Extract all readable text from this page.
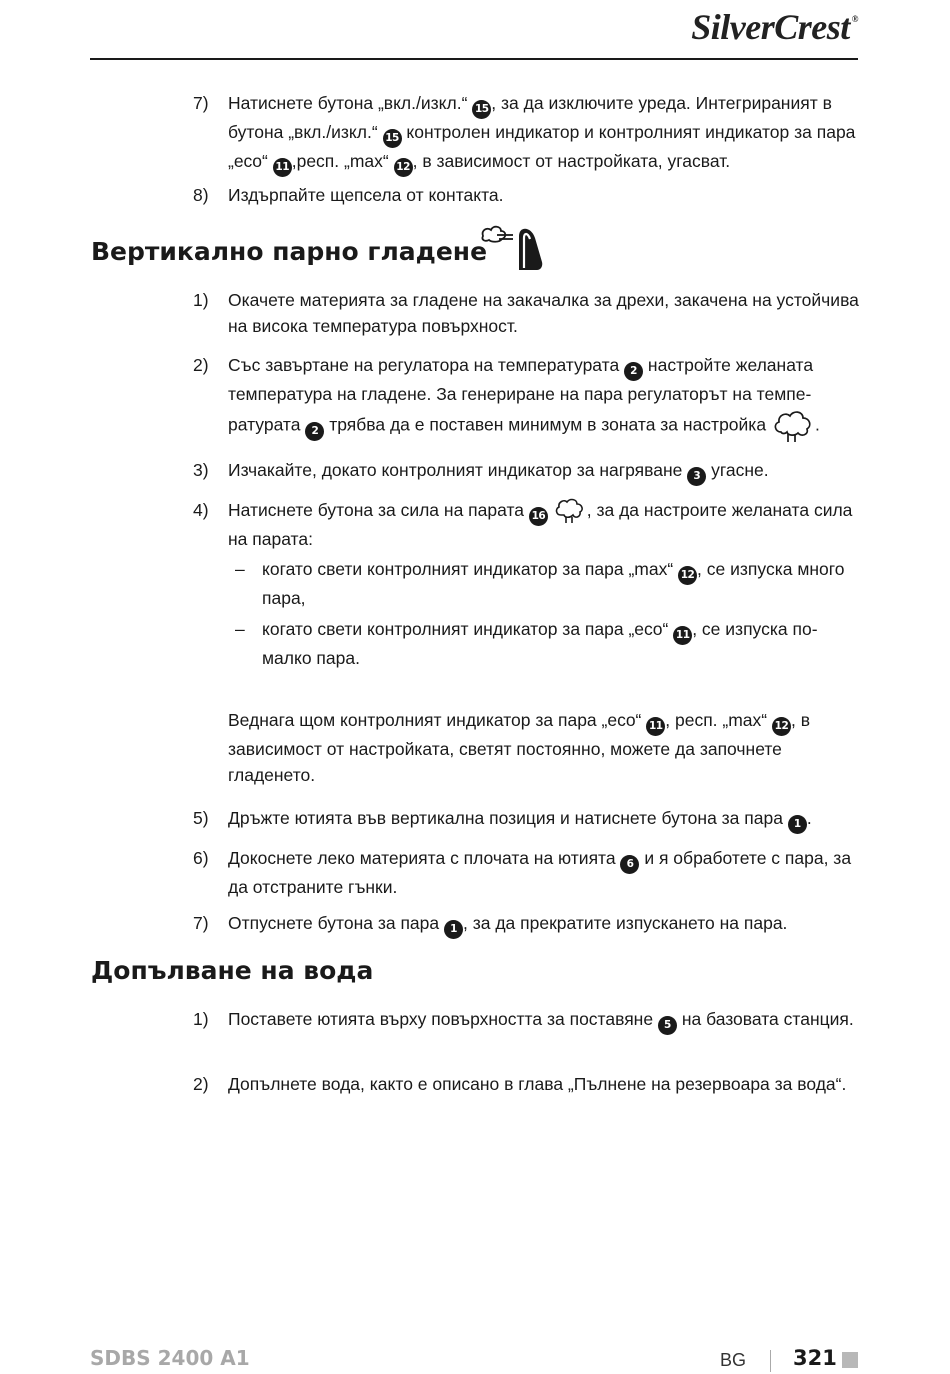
SilverCrest ®
7)	Натиснете бутона „вкл./изкл.“ 15 , за да изключите уреда. Интегрираният в бутона „вкл./изкл.“ 15 контролен индикатор и контролният индикатор за пара „eco“ 11 ,респ. „max“ 12 , в зависимост от настройката, угасват.
8)	Издърпайте щепсела от контакта.
Вертикално парно гладене
1)	Окачете материята за гладене на закачалка за дрехи, закачена на устойчива на висока температура повърхност.
2)	Със завъртане на регулатора на температурата 2 настройте желаната температура на гладене. За генериране на пара регулаторът на темпе-ратурата 2 трябва да е поставен минимум в зоната за настройка	.
3)	Изчакайте, докато контролният индикатор за нагряване 3 угасне.
4)	Натиснете бутона за сила на парата 16 , за да настроите желаната сила на парата:
– когато свети контролният индикатор за пара „max“ 12 , се изпуска много пара,
– когато свети контролният индикатор за пара „eco“ 11 , се изпуска по-малко пара.
Веднага щом контролният индикатор за пара „eco“ 11 , респ. „max“ 12 , в зависимост от настройката, светят постоянно, можете да започнете гладенето.
5)	Дръжте ютията във вертикална позиция и натиснете бутона за пара 1 .
6)	Докоснете леко материята с плочата на ютията 6 и я обработете с пара, за да отстраните гънки.
7)	Отпуснете бутона за пара 1 , за да прекратите изпускането на пара.
Допълване на вода
1)	Поставете ютията върху повърхността за поставяне 5 на базовата станция.
2)	Допълнете вода, както е описано в глава „Пълнене на резервоара за вода“.
SDBS 2400 A1	BG 321
